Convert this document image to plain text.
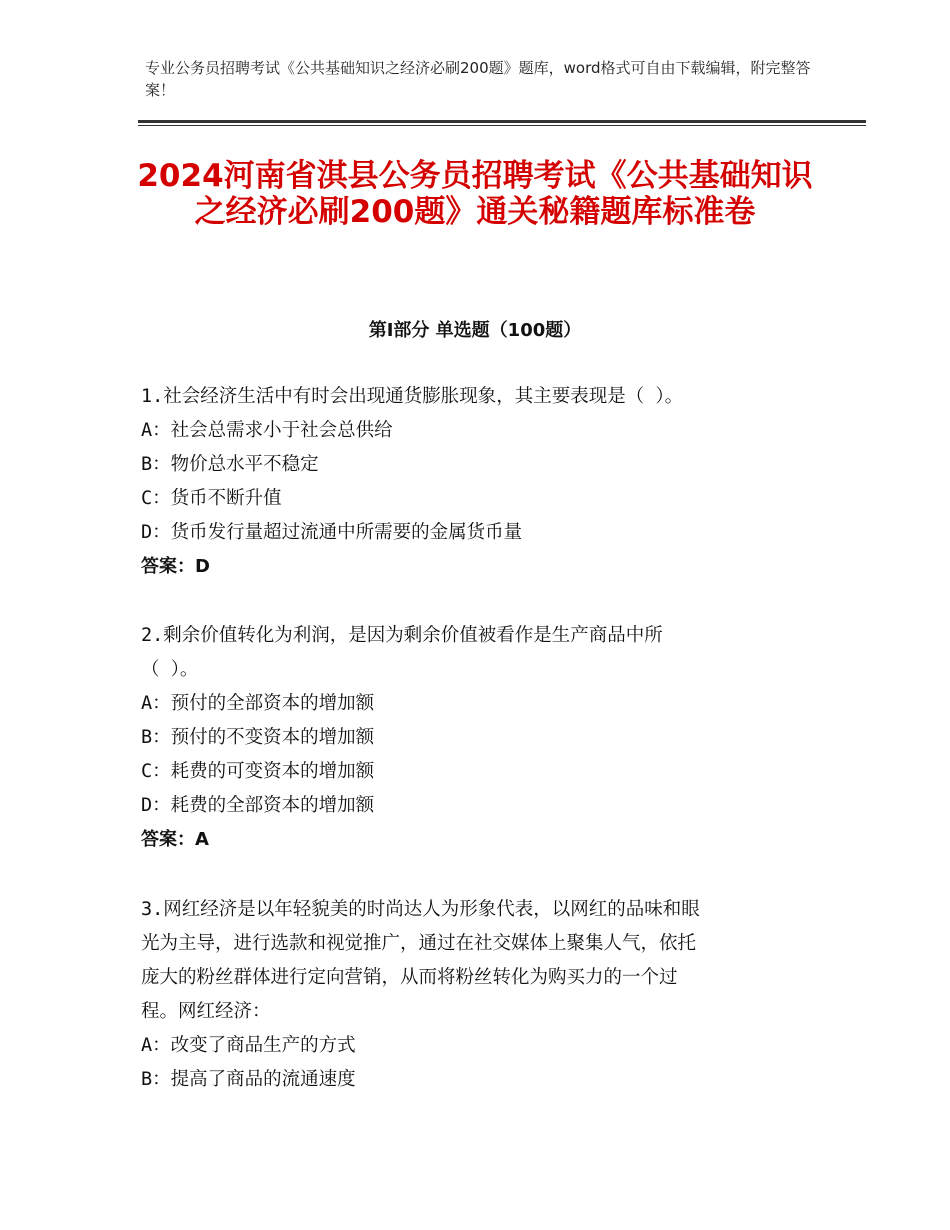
专业公务员招聘考试《公共基础知识之经济必刷200题》题库，word格式可自由下载编辑，附完整答案！
2024河南省淇县公务员招聘考试《公共基础知识之经济必刷200题》通关秘籍题库标准卷
第Ⅰ部分 单选题（100题）
1.社会经济生活中有时会出现通货膨胀现象，其主要表现是（ ）。
A：社会总需求小于社会总供给
B：物价总水平不稳定
C：货币不断升值
D：货币发行量超过流通中所需要的金属货币量
答案：D
2.剩余价值转化为利润，是因为剩余价值被看作是生产商品中所
（ ）。
A：预付的全部资本的增加额
B：预付的不变资本的增加额
C：耗费的可变资本的增加额
D：耗费的全部资本的增加额
答案：A
3.网红经济是以年轻貌美的时尚达人为形象代表，以网红的品味和眼
光为主导，进行选款和视觉推广，通过在社交媒体上聚集人气，依托
庞大的粉丝群体进行定向营销，从而将粉丝转化为购买力的一个过
程。网红经济：
A：改变了商品生产的方式
B：提高了商品的流通速度
